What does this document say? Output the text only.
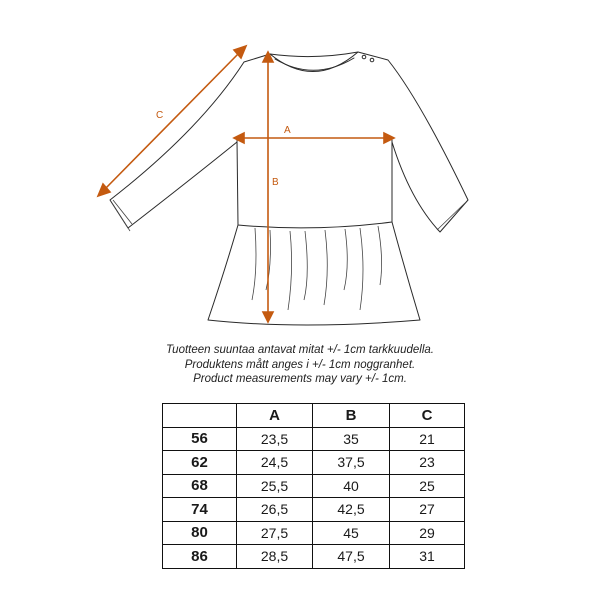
C
A
B
Tuotteen suuntaa antavat mitat +/- 1cm tarkkuudella.
Produktens mått anges i +/- 1cm noggranhet.
Product measurements may vary +/- 1cm.
	A	B	C
56	23,5	35	21
62	24,5	37,5	23
68	25,5	40	25
74	26,5	42,5	27
80	27,5	45	29
86	28,5	47,5	31
